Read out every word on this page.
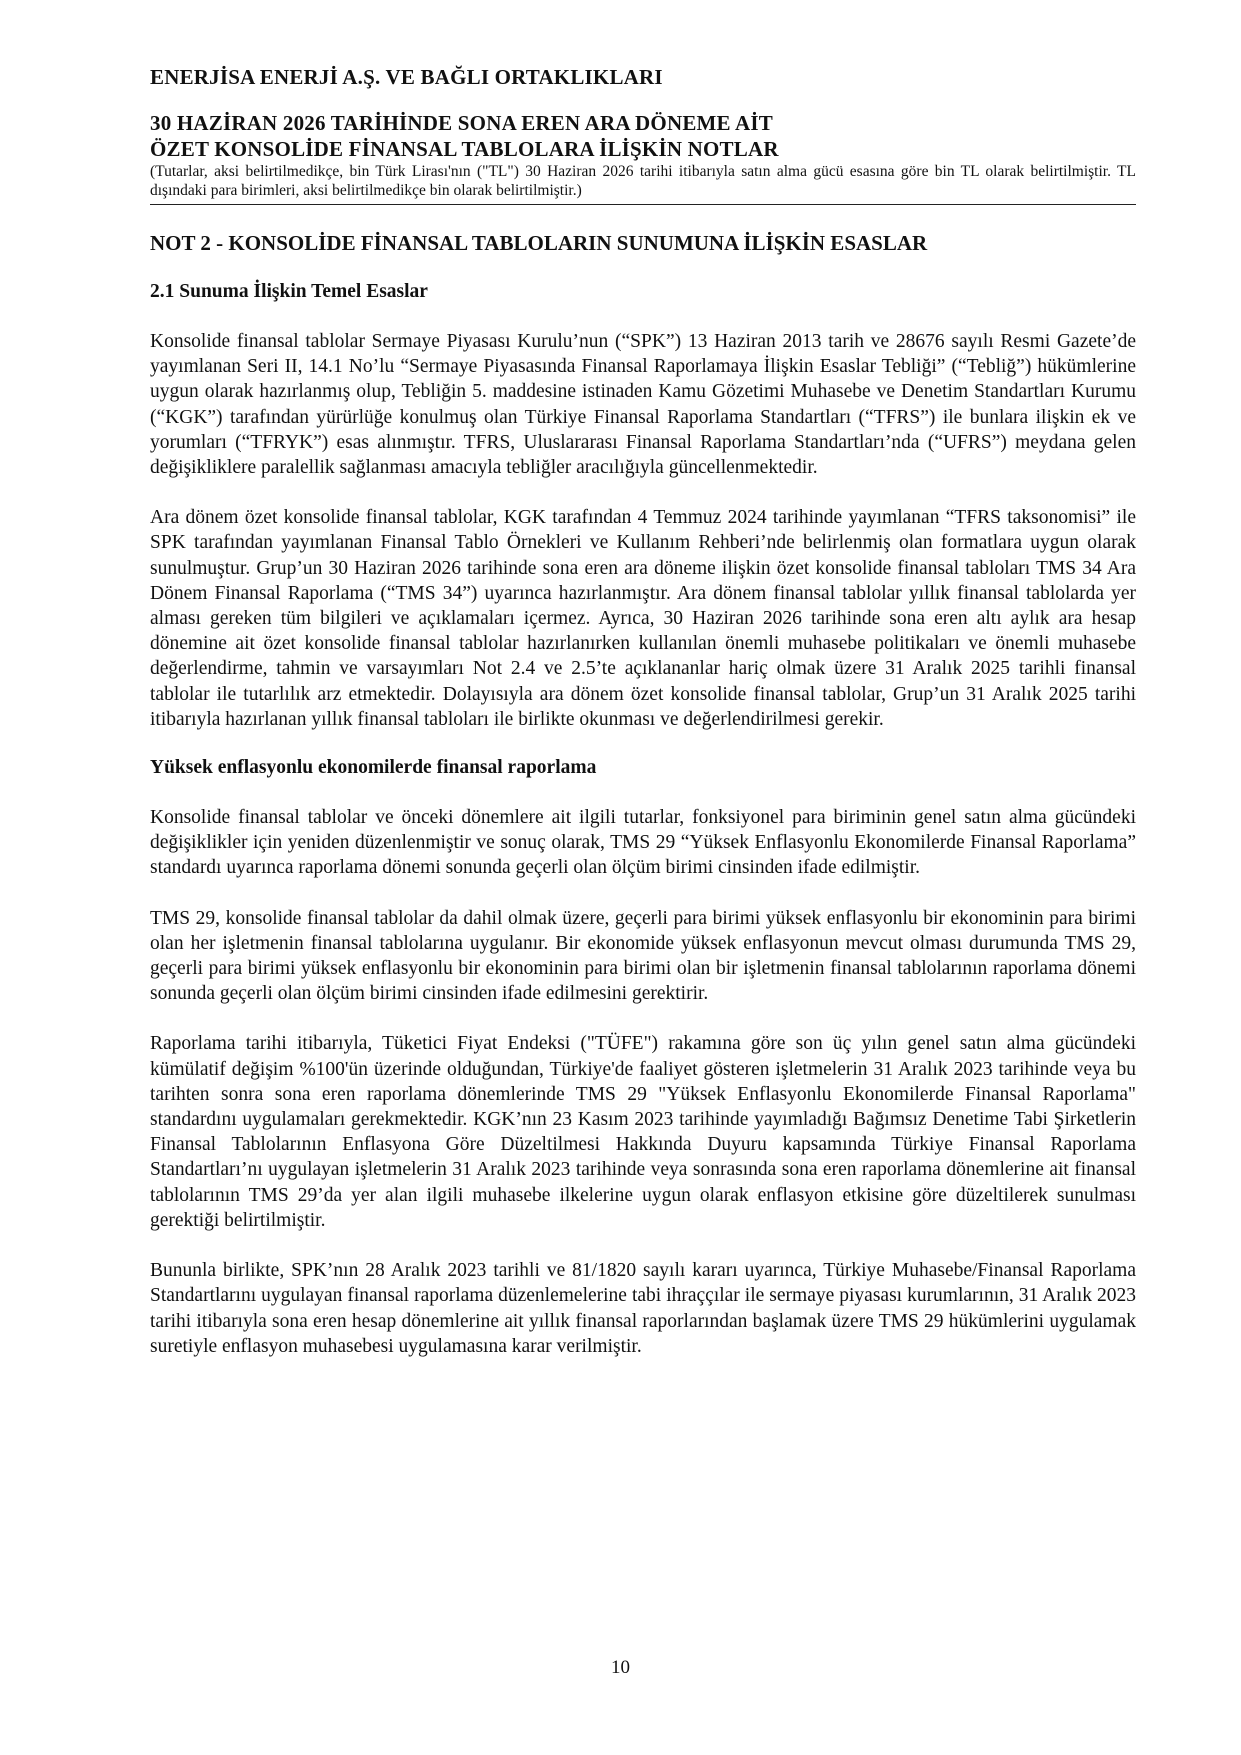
ENERJİSA ENERJİ A.Ş. VE BAĞLI ORTAKLIKLARI
30 HAZİRAN 2026 TARİHİNDE SONA EREN ARA DÖNEME AİT
ÖZET KONSOLİDE FİNANSAL TABLOLARA İLİŞKİN NOTLAR
(Tutarlar, aksi belirtilmedikçe, bin Türk Lirası'nın ("TL") 30 Haziran 2026 tarihi itibarıyla satın alma gücü esasına göre bin TL olarak belirtilmiştir. TL dışındaki para birimleri, aksi belirtilmedikçe bin olarak belirtilmiştir.)
NOT 2 - KONSOLİDE FİNANSAL TABLOLARIN SUNUMUNA İLİŞKİN ESASLAR
2.1 Sunuma İlişkin Temel Esaslar

Konsolide finansal tablolar Sermaye Piyasası Kurulu’nun (“SPK”) 13 Haziran 2013 tarih ve 28676 sayılı Resmi Gazete’de yayımlanan Seri II, 14.1 No’lu “Sermaye Piyasasında Finansal Raporlamaya İlişkin Esaslar Tebliği” (“Tebliğ”) hükümlerine uygun olarak hazırlanmış olup, Tebliğin 5. maddesine istinaden Kamu Gözetimi Muhasebe ve Denetim Standartları Kurumu (“KGK”) tarafından yürürlüğe konulmuş olan Türkiye Finansal Raporlama Standartları (“TFRS”) ile bunlara ilişkin ek ve yorumları (“TFRYK”) esas alınmıştır. TFRS, Uluslararası Finansal Raporlama Standartları’nda (“UFRS”) meydana gelen değişikliklere paralellik sağlanması amacıyla tebliğler aracılığıyla güncellenmektedir.

Ara dönem özet konsolide finansal tablolar, KGK tarafından 4 Temmuz 2024 tarihinde yayımlanan “TFRS taksonomisi” ile SPK tarafından yayımlanan Finansal Tablo Örnekleri ve Kullanım Rehberi’nde belirlenmiş olan formatlara uygun olarak sunulmuştur. Grup’un 30 Haziran 2026 tarihinde sona eren ara döneme ilişkin özet konsolide finansal tabloları TMS 34 Ara Dönem Finansal Raporlama (“TMS 34”) uyarınca hazırlanmıştır. Ara dönem finansal tablolar yıllık finansal tablolarda yer alması gereken tüm bilgileri ve açıklamaları içermez. Ayrıca, 30 Haziran 2026 tarihinde sona eren altı aylık ara hesap dönemine ait özet konsolide finansal tablolar hazırlanırken kullanılan önemli muhasebe politikaları ve önemli muhasebe değerlendirme, tahmin ve varsayımları Not 2.4 ve 2.5’te açıklananlar hariç olmak üzere 31 Aralık 2025 tarihli finansal tablolar ile tutarlılık arz etmektedir. Dolayısıyla ara dönem özet konsolide finansal tablolar, Grup’un 31 Aralık 2025 tarihi itibarıyla hazırlanan yıllık finansal tabloları ile birlikte okunması ve değerlendirilmesi gerekir.

Yüksek enflasyonlu ekonomilerde finansal raporlama

Konsolide finansal tablolar ve önceki dönemlere ait ilgili tutarlar, fonksiyonel para biriminin genel satın alma gücündeki değişiklikler için yeniden düzenlenmiştir ve sonuç olarak, TMS 29 “Yüksek Enflasyonlu Ekonomilerde Finansal Raporlama” standardı uyarınca raporlama dönemi sonunda geçerli olan ölçüm birimi cinsinden ifade edilmiştir.

TMS 29, konsolide finansal tablolar da dahil olmak üzere, geçerli para birimi yüksek enflasyonlu bir ekonominin para birimi olan her işletmenin finansal tablolarına uygulanır. Bir ekonomide yüksek enflasyonun mevcut olması durumunda TMS 29, geçerli para birimi yüksek enflasyonlu bir ekonominin para birimi olan bir işletmenin finansal tablolarının raporlama dönemi sonunda geçerli olan ölçüm birimi cinsinden ifade edilmesini gerektirir.

Raporlama tarihi itibarıyla, Tüketici Fiyat Endeksi ("TÜFE") rakamına göre son üç yılın genel satın alma gücündeki kümülatif değişim %100'ün üzerinde olduğundan, Türkiye'de faaliyet gösteren işletmelerin 31 Aralık 2023 tarihinde veya bu tarihten sonra sona eren raporlama dönemlerinde TMS 29 "Yüksek Enflasyonlu Ekonomilerde Finansal Raporlama" standardını uygulamaları gerekmektedir. KGK’nın 23 Kasım 2023 tarihinde yayımladığı Bağımsız Denetime Tabi Şirketlerin Finansal Tablolarının Enflasyona Göre Düzeltilmesi Hakkında Duyuru kapsamında Türkiye Finansal Raporlama Standartları’nı uygulayan işletmelerin 31 Aralık 2023 tarihinde veya sonrasında sona eren raporlama dönemlerine ait finansal tablolarının TMS 29’da yer alan ilgili muhasebe ilkelerine uygun olarak enflasyon etkisine göre düzeltilerek sunulması gerektiği belirtilmiştir.

Bununla birlikte, SPK’nın 28 Aralık 2023 tarihli ve 81/1820 sayılı kararı uyarınca, Türkiye Muhasebe/Finansal Raporlama Standartlarını uygulayan finansal raporlama düzenlemelerine tabi ihraççılar ile sermaye piyasası kurumlarının, 31 Aralık 2023 tarihi itibarıyla sona eren hesap dönemlerine ait yıllık finansal raporlarından başlamak üzere TMS 29 hükümlerini uygulamak suretiyle enflasyon muhasebesi uygulamasına karar verilmiştir.

10
